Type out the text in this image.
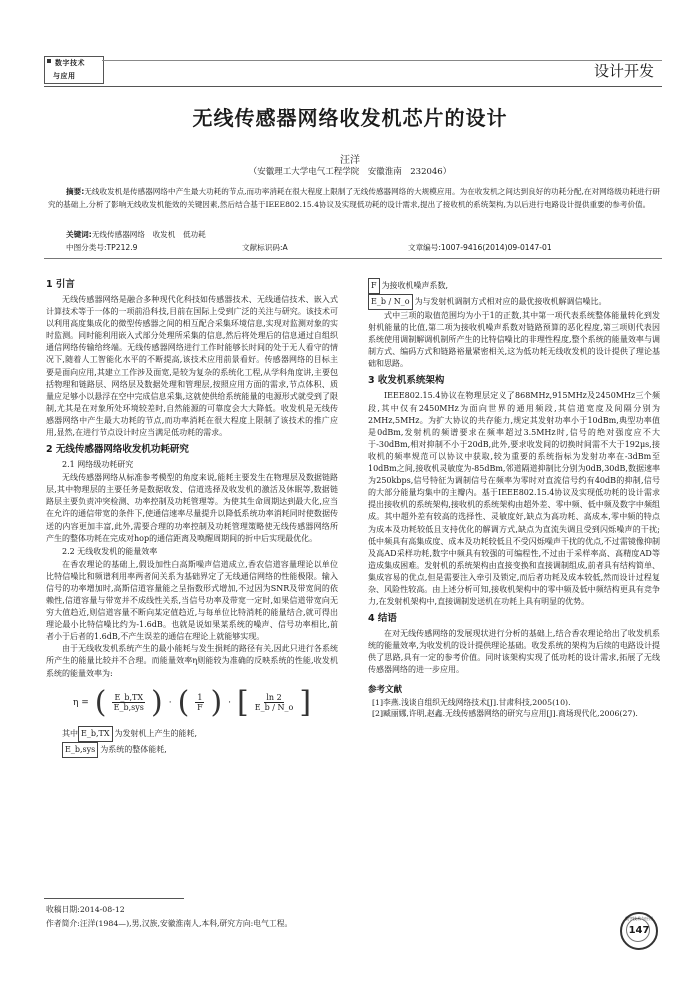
数字技术
与应用	设计开发
无线传感器网络收发机芯片的设计
汪洋
（安徽理工大学电气工程学院　安徽淮南　232046）
摘要:无线收发机是传感器网络中产生最大功耗的节点,而功率消耗在很大程度上限制了无线传感器网络的大规模应用。为在收发机之间达到良好的功耗分配,在对网络级功耗进行研究的基础上,分析了影响无线收发机能效的关键因素,然后结合基于IEEE802.15.4协议及实现低功耗的设计需求,提出了接收机的系统架构,为以后进行电路设计提供重要的参考价值。
关键词:无线传感器网络　收发机　低功耗
中图分类号:TP212.9	文献标识码:A	文章编号:1007-9416(2014)09-0147-01
1 引言

无线传感器网络是融合多种现代化科技如传感器技术、无线通信技术、嵌入式计算技术等于一体的一项前沿科技,目前在国际上受到广泛的关注与研究。该技术可以利用高度集成化的微型传感器之间的相互配合采集环境信息,实现对监测对象的实时监测。同时能利用嵌入式部分处理所采集的信息,然后将处理后的信息通过自组织通信网络传输给终端。无线传感器网络进行工作时能够长时间的处于无人看守的情况下,随着人工智能化水平的不断提高,该技术应用前景看好。传感器网络的目标主要是面向应用,其建立工作涉及面宽,是较为复杂的系统化工程,从学科角度讲,主要包括物理和链路层、网络层及数据处理和管理层,按照应用方面的需求,节点体积、质量应足够小以悬浮在空中完成信息采集,这就使供给系统能量的电源形式就受到了限制,尤其是在对象所处环境较差时,自然能源的可靠度会大大降低。收发机是无线传感器网络中产生最大功耗的节点,而功率消耗在很大程度上限制了该技术的推广应用,显然,在进行节点设计时应当满足低功耗的需求。

2 无线传感器网络收发机功耗研究
2.1 网络级功耗研究

无线传感器网络从标准参考模型的角度来说,能耗主要发生在物理层及数据链路层,其中物理层的主要任务是数据收发、信道选择及收发机的激活及休眠等,数据链路层主要负责冲突检测、功率控制及功耗管理等。为使其生命周期达到最大化,应当在允许的通信带宽的条件下,使通信速率尽量提升以降低系统功率消耗同时使数据传送的内容更加丰富,此外,需要合理的功率控制及功耗管理策略使无线传感器网络所产生的整体功耗在完成对hop的通信距离及唤醒周期间的折中后实现最优化。

2.2 无线收发机的能量效率

在香农理论的基础上,假设加性白高斯噪声信道成立,香农信道容量理论以单位比特信噪比和频谱利用率两者间关系为基础界定了无线通信网络的性能极限。输入信号的功率增加时,高斯信道容量能之呈指数形式增加,不过因为SNR及带宽间的依赖性,信道容量与带宽并不成线性关系,当信号功率及带宽一定时,如果信道带宽向无穷大值趋近,则信道容量不断向某定值趋近,与每单位比特消耗的能量结合,就可得出理论最小比特信噪比约为-1.6dB。也就是说如果某系统的噪声、信号功率相比,前者小于后者的1.6dB,不产生误差的通信在理论上就能够实现。

由于无线收发机系统产生的最小能耗与发生损耗的路径有关,因此只进行各系统所产生的能量比较并不合理。而能量效率η则能较为准确的反映系统的性能,收发机系统的能量效率为:

η = ( $\frac{E\_b,TX}{\text{E\_b,sys}}$ ) · ( $\frac{1}{F}$ ) · [ $\frac{\ln 2}{E\_b / N\_o}$ ]
其中 E_b,TX 为发射机上产生的能耗,
E_b,sys 为系统的整体能耗,
F 为接收机噪声系数,
E_b / N_o 为与发射机调制方式相对应的最优接收机解调信噪比。

式中三项的取值范围均为小于1的正数,其中第一项代表系统整体能量转化到发射机能量的比值,第二项为接收机噪声系数对链路预算的恶化程度,第三项则代表因系统使用调制解调机制所产生的比特信噪比的非理性程度,整个系统的能量效率与调制方式、编码方式和链路裕量紧密相关,这为低功耗无线收发机的设计提供了理论基础和思路。

3 收发机系统架构

IEEE802.15.4协议在物理层定义了868MHz,915MHz及2450MHz三个频段,其中仅有2450MHz为面向世界的通用频段,其信道宽度及间隔分别为2MHz,5MHz。为扩大协议的共存能力,规定其发射功率小于10dBm,典型功率值是0dBm,发射机的频谱要求在频率超过3.5MHz时,信号的绝对强度应不大于-30dBm,相对抑制不小于20dB,此外,要求收发间的切换时间需不大于192μs,接收机的频率规范可以协议中获取,较为重要的系统指标为发射功率在-3dBm至10dBm之间,接收机灵敏度为-85dBm,邻道隔道抑制比分别为0dB,30dB,数据速率为250kbps,信号特征为调制信号在频率为零时对直流信号约有40dB的抑制,信号的大部分能量均集中的主瓣内。基于IEEE802.15.4协议及实现低功耗的设计需求提出接收机的系统架构,接收机的系统架构由超外差、零中频、低中频及数字中频组成。其中超外差有较高的选择性、灵敏度好,缺点为高功耗、高成本,零中频的特点为成本及功耗较低且支持优化的解调方式,缺点为直流失调且受到闪烁噪声的干扰;低中频具有高集成度、成本及功耗较低且不受闪烁噪声干扰的优点,不过需镜像抑制及高AD采样功耗,数字中频具有较强的可编程性,不过由于采样率高、高精度AD等造成集成困难。发射机的系统架构由直接变换和直接调制组成,前者具有结构简单、集成容易的优点,但是需要注入牵引及锁定,而后者功耗及成本较低,然而设计过程复杂、风险性较高。由上述分析可知,接收机架构中的零中频及低中频结构更具有竞争力,在发射机架构中,直接调制发送机在功耗上具有明显的优势。

4 结语

在对无线传感网络的发展现状进行分析的基础上,结合香农理论给出了收发机系统的能量效率,为收发机的设计提供理论基础。收发系统的架构为后续的电路设计提供了思路,具有一定的参考价值。同时该架构实现了低功耗的设计需求,拓展了无线传感器网络的进一步应用。

参考文献
[1]李燕.浅谈自组织无线网络技术[J].甘肃科技,2005(10).
[2]臧丽娜,许明,赵鑫.无线传感器网络的研究与应用[J].商场现代化,2006(27).
收稿日期:2014-08-12
作者简介:汪洋(1984—),男,汉族,安徽淮南人,本科,研究方向:电气工程。
数字技术与应用
147
